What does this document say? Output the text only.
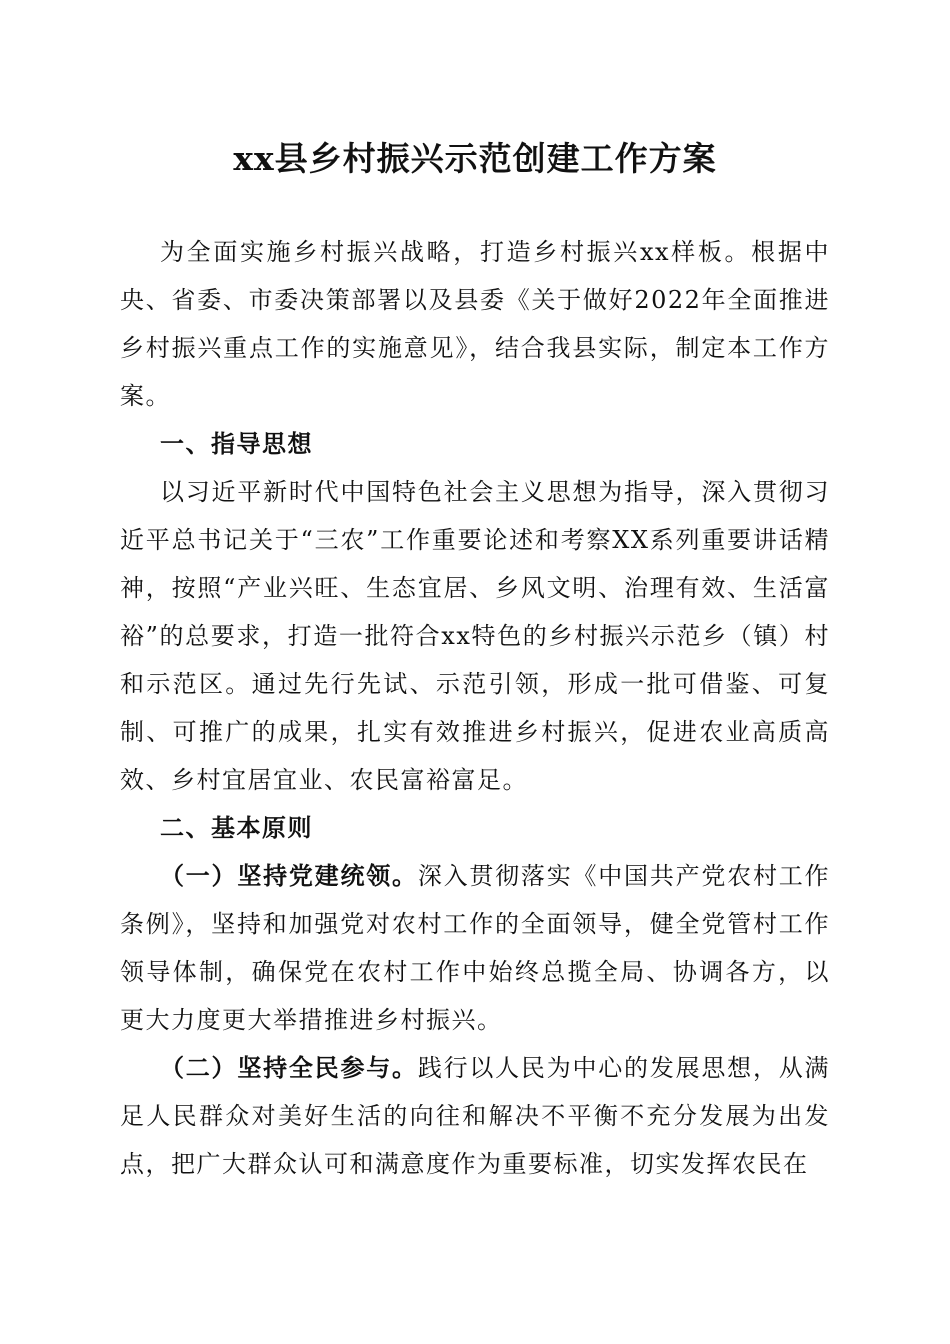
xx县乡村振兴示范创建工作方案

为全面实施乡村振兴战略，打造乡村振兴xx样板。根据中央、省委、市委决策部署以及县委《关于做好2022年全面推进乡村振兴重点工作的实施意见》，结合我县实际，制定本工作方案。

一、指导思想

以习近平新时代中国特色社会主义思想为指导，深入贯彻习近平总书记关于“三农”工作重要论述和考察XX系列重要讲话精神，按照“产业兴旺、生态宜居、乡风文明、治理有效、生活富裕”的总要求，打造一批符合xx特色的乡村振兴示范乡（镇）村和示范区。通过先行先试、示范引领，形成一批可借鉴、可复制、可推广的成果，扎实有效推进乡村振兴，促进农业高质高效、乡村宜居宜业、农民富裕富足。

二、基本原则

（一）坚持党建统领。深入贯彻落实《中国共产党农村工作条例》，坚持和加强党对农村工作的全面领导，健全党管村工作领导体制，确保党在农村工作中始终总揽全局、协调各方，以更大力度更大举措推进乡村振兴。

（二）坚持全民参与。践行以人民为中心的发展思想，从满足人民群众对美好生活的向往和解决不平衡不充分发展为出发点，把广大群众认可和满意度作为重要标准，切实发挥农民在
